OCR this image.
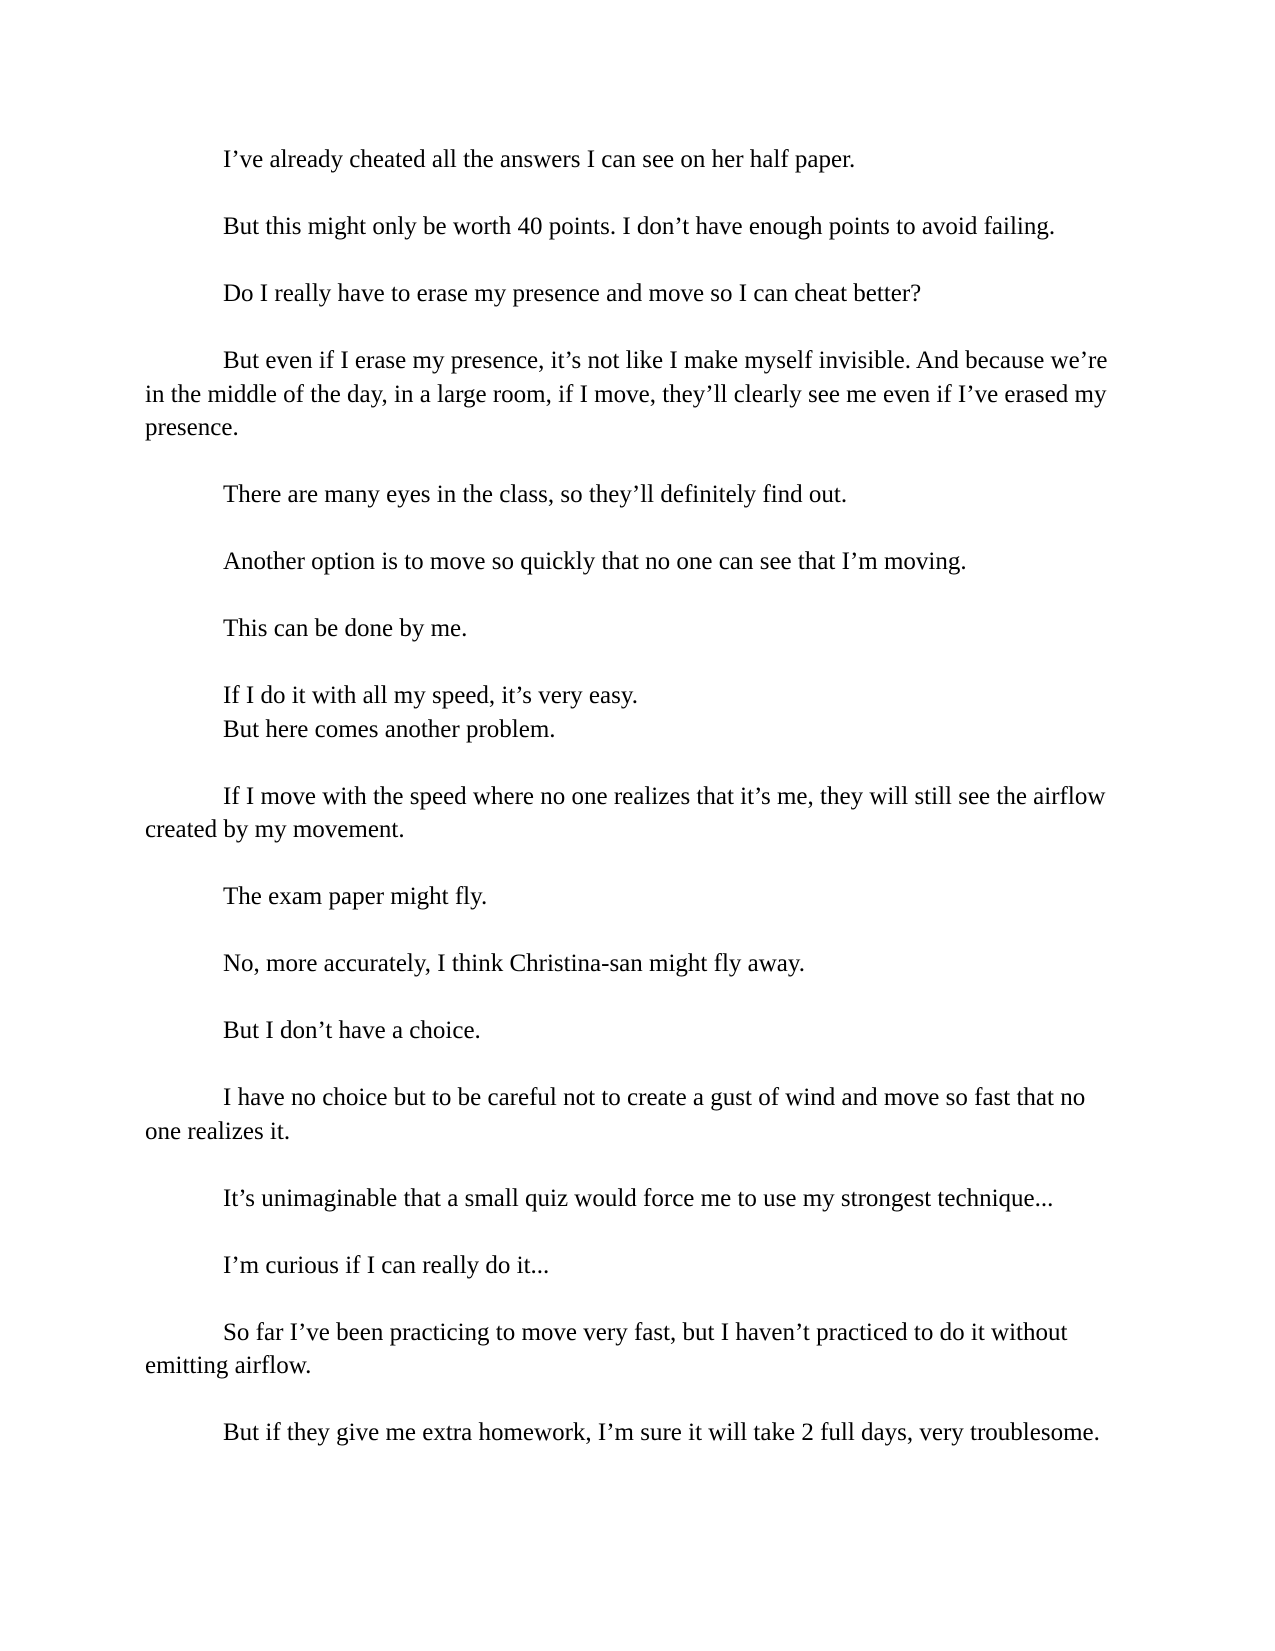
I’ve already cheated all the answers I can see on her half paper.
But this might only be worth 40 points. I don’t have enough points to avoid failing.
Do I really have to erase my presence and move so I can cheat better?
But even if I erase my presence, it’s not like I make myself invisible. And because we’re
in the middle of the day, in a large room, if I move, they’ll clearly see me even if I’ve erased my
presence.
There are many eyes in the class, so they’ll definitely find out.
Another option is to move so quickly that no one can see that I’m moving.
This can be done by me.
If I do it with all my speed, it’s very easy.
But here comes another problem.
If I move with the speed where no one realizes that it’s me, they will still see the airflow
created by my movement.
The exam paper might fly.
No, more accurately, I think Christina-san might fly away.
But I don’t have a choice.
I have no choice but to be careful not to create a gust of wind and move so fast that no
one realizes it.
It’s unimaginable that a small quiz would force me to use my strongest technique...
I’m curious if I can really do it...
So far I’ve been practicing to move very fast, but I haven’t practiced to do it without
emitting airflow.
But if they give me extra homework, I’m sure it will take 2 full days, very troublesome.
